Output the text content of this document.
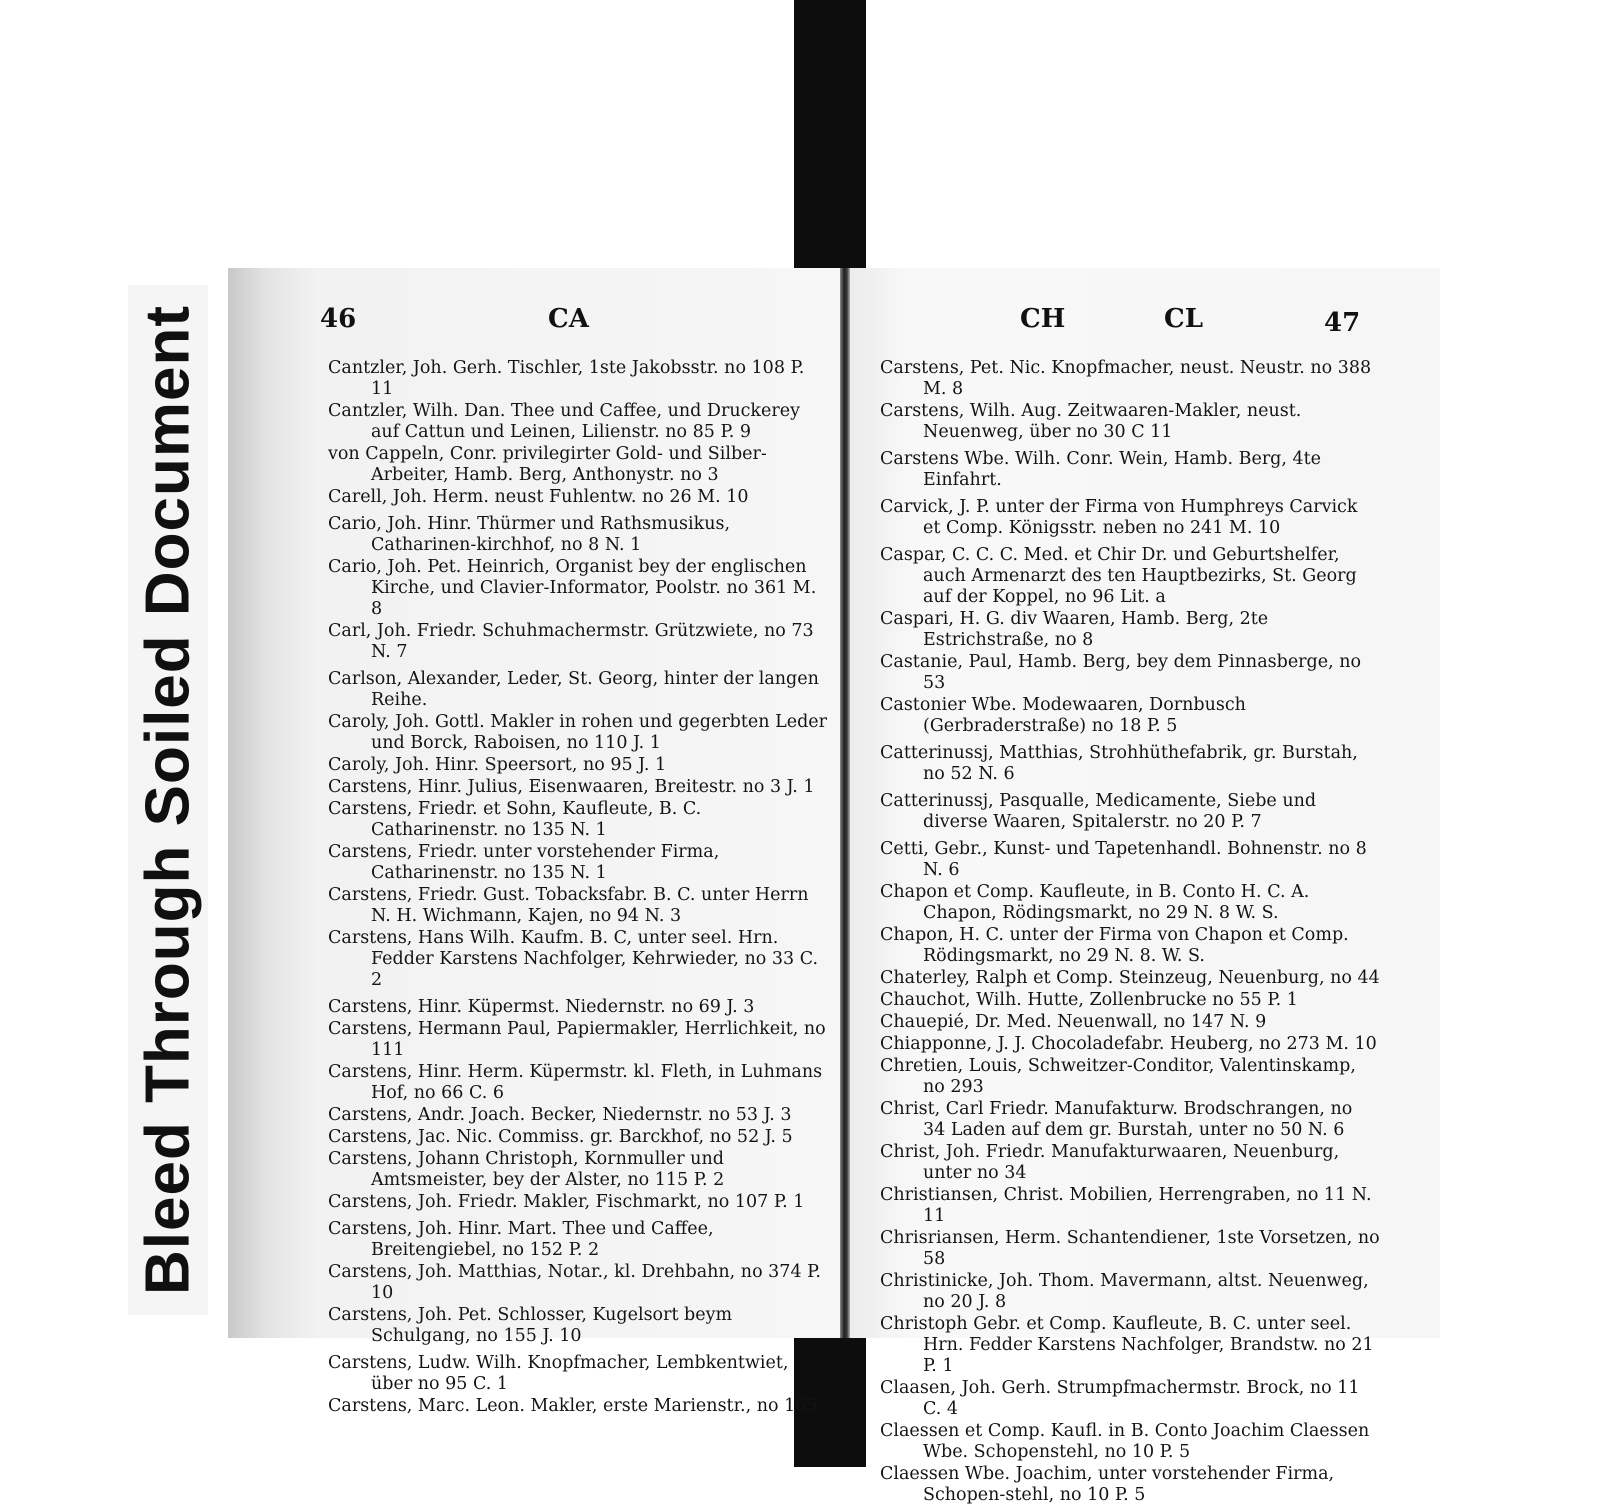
Bleed Through Soiled Document	46	CA
Cantzler, Joh. Gerh. Tischler, 1ste Jakobsstr. no 108 P. 11
Cantzler, Wilh. Dan. Thee und Caffee, und Druckerey auf Cattun und Leinen, Lilienstr. no 85 P. 9
von Cappeln, Conr. privilegirter Gold- und Silber-Arbeiter, Hamb. Berg, Anthonystr. no 3
Carell, Joh. Herm. neust Fuhlentw. no 26 M. 10
Cario, Joh. Hinr. Thürmer und Rathsmusikus, Catharinen-kirchhof, no 8 N. 1
Cario, Joh. Pet. Heinrich, Organist bey der englischen Kirche, und Clavier-Informator, Poolstr. no 361 M. 8
Carl, Joh. Friedr. Schuhmachermstr. Grützwiete, no 73 N. 7
Carlson, Alexander, Leder, St. Georg, hinter der langen Reihe.
Caroly, Joh. Gottl. Makler in rohen und gegerbten Leder und Borck, Raboisen, no 110 J. 1
Caroly, Joh. Hinr. Speersort, no 95 J. 1
Carstens, Hinr. Julius, Eisenwaaren, Breitestr. no 3 J. 1
Carstens, Friedr. et Sohn, Kaufleute, B. C. Catharinenstr. no 135 N. 1
Carstens, Friedr. unter vorstehender Firma, Catharinenstr. no 135 N. 1
Carstens, Friedr. Gust. Tobacksfabr. B. C. unter Herrn N. H. Wichmann, Kajen, no 94 N. 3
Carstens, Hans Wilh. Kaufm. B. C, unter seel. Hrn. Fedder Karstens Nachfolger, Kehrwieder, no 33 C. 2
Carstens, Hinr. Küpermst. Niedernstr. no 69 J. 3
Carstens, Hermann Paul, Papiermakler, Herrlichkeit, no 111
Carstens, Hinr. Herm. Küpermstr. kl. Fleth, in Luhmans Hof, no 66 C. 6
Carstens, Andr. Joach. Becker, Niedernstr. no 53 J. 3
Carstens, Jac. Nic. Commiss. gr. Barckhof, no 52 J. 5
Carstens, Johann Christoph, Kornmuller und Amtsmeister, bey der Alster, no 115 P. 2
Carstens, Joh. Friedr. Makler, Fischmarkt, no 107 P. 1
Carstens, Joh. Hinr. Mart. Thee und Caffee, Breitengiebel, no 152 P. 2
Carstens, Joh. Matthias, Notar., kl. Drehbahn, no 374 P. 10
Carstens, Joh. Pet. Schlosser, Kugelsort beym Schulgang, no 155 J. 10
Carstens, Ludw. Wilh. Knopfmacher, Lembkentwiet, über no 95 C. 1
Carstens, Marc. Leon. Makler, erste Marienstr., no 165
CH	CL	47
Carstens, Pet. Nic. Knopfmacher, neust. Neustr. no 388 M. 8
Carstens, Wilh. Aug. Zeitwaaren-Makler, neust. Neuenweg, über no 30 C 11
Carstens Wbe. Wilh. Conr. Wein, Hamb. Berg, 4te Einfahrt.
Carvick, J. P. unter der Firma von Humphreys Carvick et Comp. Königsstr. neben no 241 M. 10
Caspar, C. C. C. Med. et Chir Dr. und Geburtshelfer, auch Armenarzt des ten Hauptbezirks, St. Georg auf der Koppel, no 96 Lit. a
Caspari, H. G. div Waaren, Hamb. Berg, 2te Estrichstraße, no 8
Castanie, Paul, Hamb. Berg, bey dem Pinnasberge, no 53
Castonier Wbe. Modewaaren, Dornbusch (Gerbraderstraße) no 18 P. 5
Catterinussj, Matthias, Strohhüthefabrik, gr. Burstah, no 52 N. 6
Catterinussj, Pasqualle, Medicamente, Siebe und diverse Waaren, Spitalerstr. no 20 P. 7
Cetti, Gebr., Kunst- und Tapetenhandl. Bohnenstr. no 8 N. 6
Chapon et Comp. Kaufleute, in B. Conto H. C. A. Chapon, Rödingsmarkt, no 29 N. 8 W. S.
Chapon, H. C. unter der Firma von Chapon et Comp. Rödingsmarkt, no 29 N. 8. W. S.
Chaterley, Ralph et Comp. Steinzeug, Neuenburg, no 44
Chauchot, Wilh. Hutte, Zollenbrucke no 55 P. 1
Chauepié, Dr. Med. Neuenwall, no 147 N. 9
Chiapponne, J. J. Chocoladefabr. Heuberg, no 273 M. 10
Chretien, Louis, Schweitzer-Conditor, Valentinskamp, no 293
Christ, Carl Friedr. Manufakturw. Brodschrangen, no 34 Laden auf dem gr. Burstah, unter no 50 N. 6
Christ, Joh. Friedr. Manufakturwaaren, Neuenburg, unter no 34
Christiansen, Christ. Mobilien, Herrengraben, no 11 N. 11
Chrisriansen, Herm. Schantendiener, 1ste Vorsetzen, no 58
Christinicke, Joh. Thom. Mavermann, altst. Neuenweg, no 20 J. 8
Christoph Gebr. et Comp. Kaufleute, B. C. unter seel. Hrn. Fedder Karstens Nachfolger, Brandstw. no 21 P. 1
Claasen, Joh. Gerh. Strumpfmachermstr. Brock, no 11 C. 4
Claessen et Comp. Kaufl. in B. Conto Joachim Claessen Wbe. Schopenstehl, no 10 P. 5
Claessen Wbe. Joachim, unter vorstehender Firma, Schopen-stehl, no 10 P. 5
